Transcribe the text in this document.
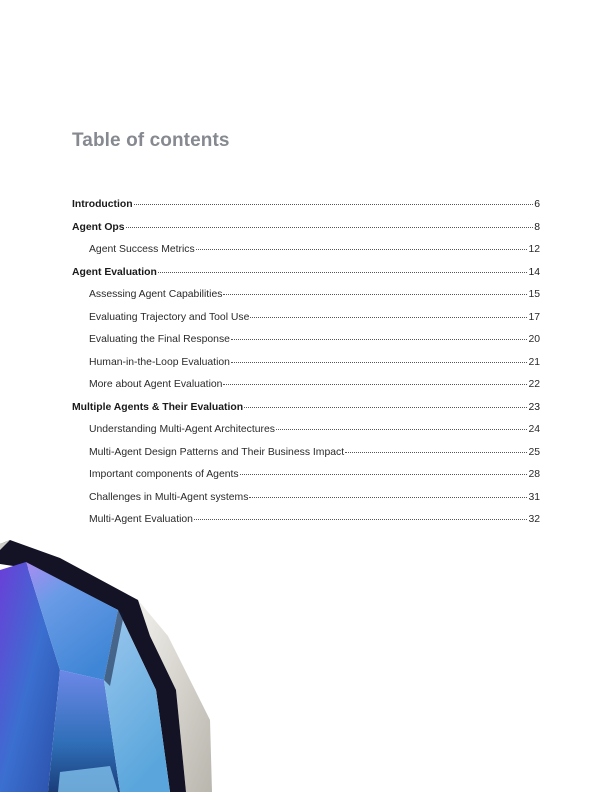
Table of contents
Introduction	6
Agent Ops	8
Agent Success Metrics	12
Agent Evaluation	14
Assessing Agent Capabilities	15
Evaluating Trajectory and Tool Use	17
Evaluating the Final Response	20
Human-in-the-Loop Evaluation	21
More about Agent Evaluation	22
Multiple Agents & Their Evaluation	23
Understanding Multi-Agent Architectures	24
Multi-Agent Design Patterns and Their Business Impact	25
Important components of Agents	28
Challenges in Multi-Agent systems	31
Multi-Agent Evaluation	32
